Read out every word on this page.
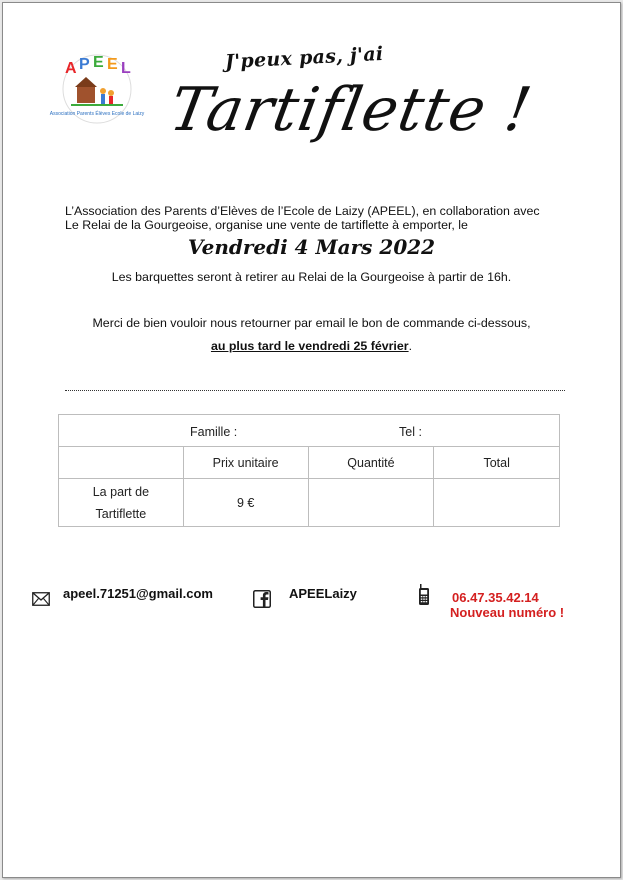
A P E E L
Association Parents Élèves Ecole de Laizy
J'peux pas, j'ai
Tartiflette !
L’Association des Parents d’Elèves de l’Ecole de Laizy (APEEL), en collaboration avec
Le Relai de la Gourgeoise, organise une vente de tartiflette à emporter, le
Vendredi 4 Mars 2022
Les barquettes seront à retirer au Relai de la Gourgeoise à partir de 16h.
Merci de bien vouloir nous retourner par email le bon de commande ci-dessous,
au plus tard le vendredi 25 février.
Famille : Tel :			

	Prix unitaire	Quantité	Total
La part de
Tartiflette	9 €		
apeel.71251@gmail.com	APEELaizy	06.47.35.42.14
Nouveau numéro !
